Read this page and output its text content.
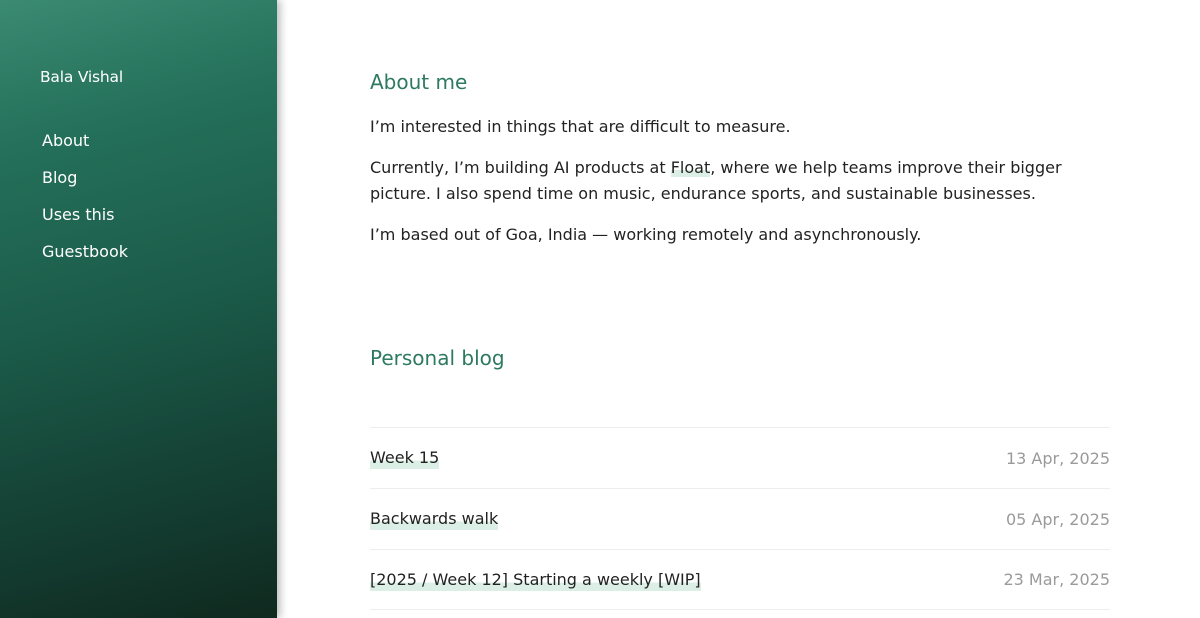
Bala Vishal
About
Blog
Uses this
Guestbook
About me

I’m interested in things that are difficult to measure.

Currently, I’m building AI products at Float, where we help teams improve their bigger picture. I also spend time on music, endurance sports, and sustainable businesses.

I’m based out of Goa, India — working remotely and asynchronously.

Personal blog
Week 15	13 Apr, 2025
Backwards walk	05 Apr, 2025
[2025 / Week 12] Starting a weekly [WIP]	23 Mar, 2025
